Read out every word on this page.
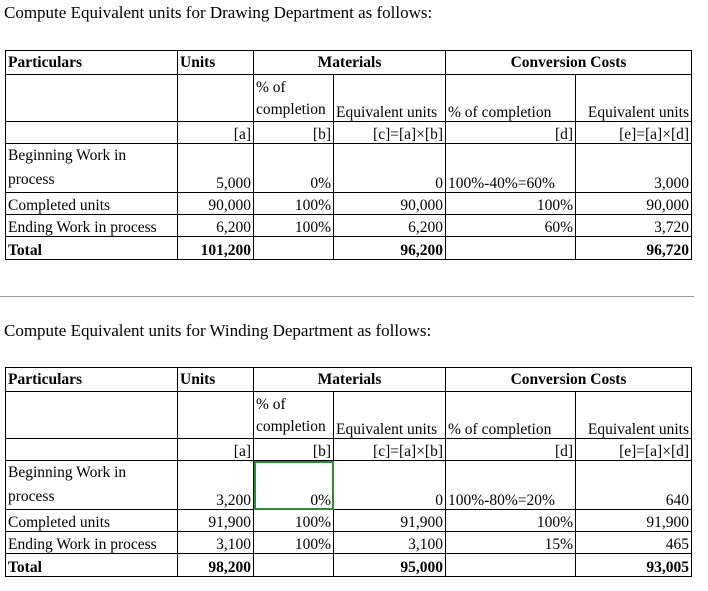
Compute Equivalent units for Drawing Department as follows:
Particulars	Units	Materials		Conversion Costs	

		% of
completion	Equivalent units	% of completion	Equivalent units
	[a]	[b]	[c]=[a]×[b]	[d]	[e]=[a]×[d]

Beginning Work in
process	5,000	0%	0	100%-40%=60%	3,000
Completed units	90,000	100%	90,000	100%	90,000
Ending Work in process	6,200	100%	6,200	60%	3,720
Total	101,200		96,200		96,720
Compute Equivalent units for Winding Department as follows:
Particulars	Units	Materials		Conversion Costs	

		% of
completion	Equivalent units	% of completion	Equivalent units
	[a]	[b]	[c]=[a]×[b]	[d]	[e]=[a]×[d]

Beginning Work in
process	3,200	0%	0	100%-80%=20%	640
Completed units	91,900	100%	91,900	100%	91,900
Ending Work in process	3,100	100%	3,100	15%	465
Total	98,200		95,000		93,005
